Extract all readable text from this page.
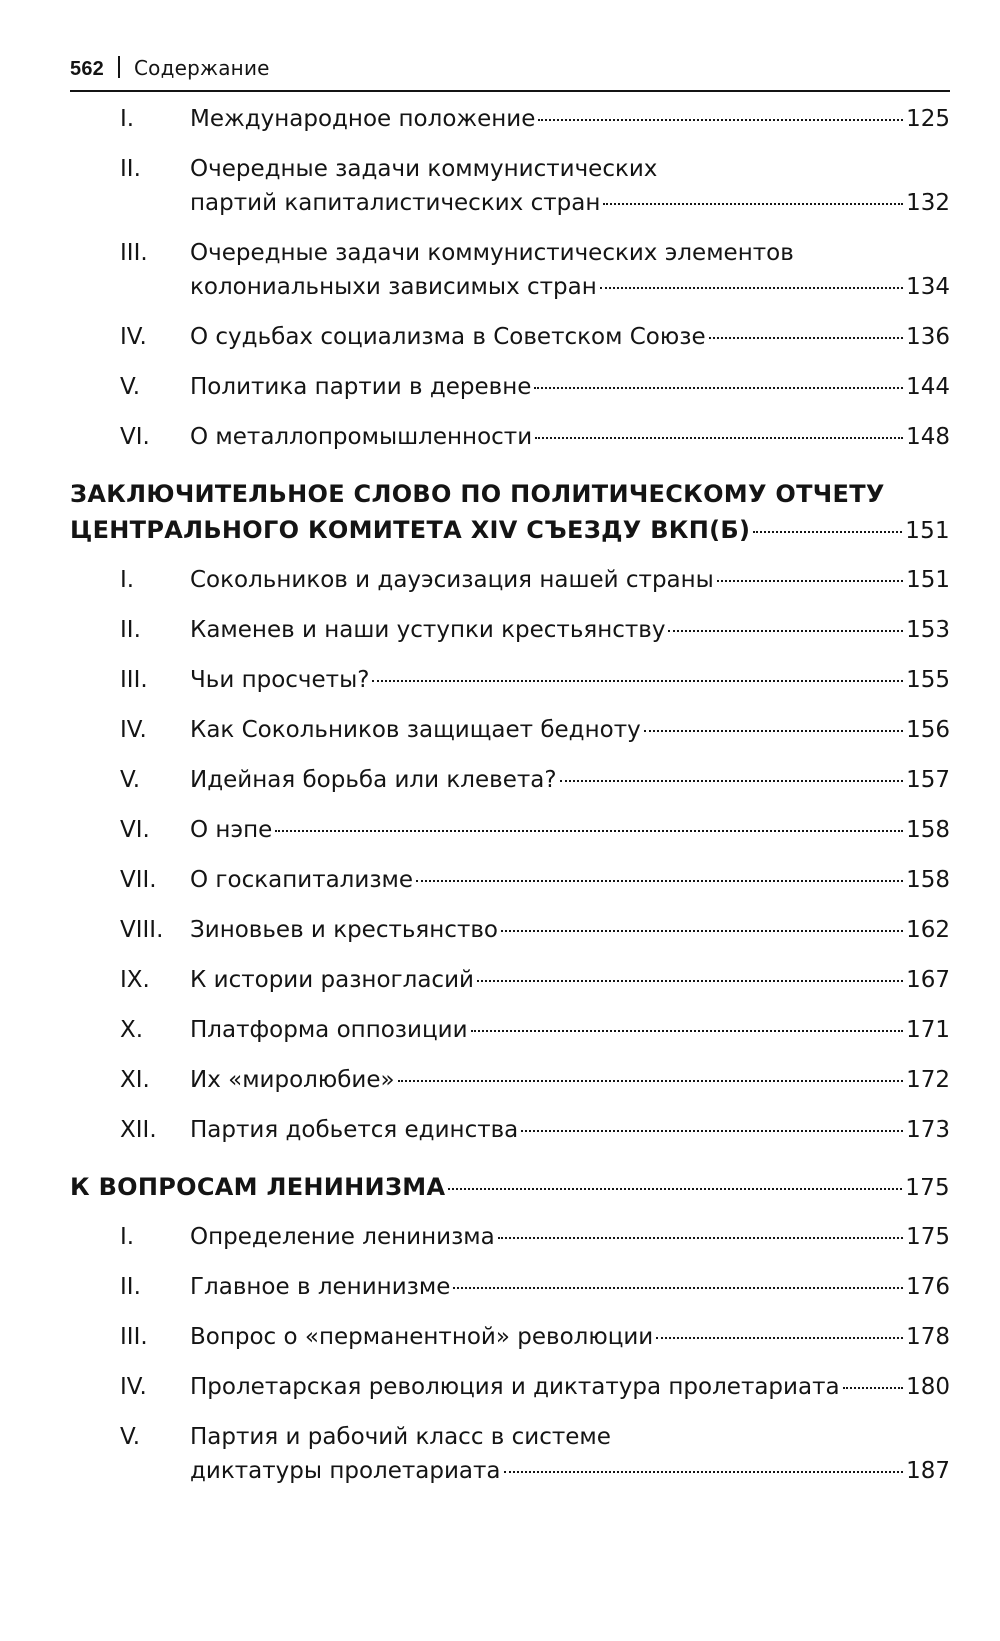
562 Содержание
I. Международное положение	125
II. Очередные задачи коммунистических
партий капиталистических стран	132
III. Очередные задачи коммунистических элементов
колониальныхи зависимых стран	134
IV. О судьбах социализма в Советском Союзе	136
V. Политика партии в деревне	144
VI. О металлопромышленности	148
ЗАКЛЮЧИТЕЛЬНОЕ СЛОВО ПО ПОЛИТИЧЕСКОМУ ОТЧЕТУ
ЦЕНТРАЛЬНОГО КОМИТЕТА XIV СЪЕЗДУ ВКП(Б)	151
I. Сокольников и дауэсизация нашей страны	151
II. Каменев и наши уступки крестьянству	153
III. Чьи просчеты?	155
IV. Как Сокольников защищает бедноту	156
V. Идейная борьба или клевета?	157
VI. О нэпе	158
VII. О госкапитализме	158
VIII. Зиновьев и крестьянство	162
IX. К истории разногласий	167
X. Платформа оппозиции	171
XI. Их «миролюбие»	172
XII. Партия добьется единства	173
К ВОПРОСАМ ЛЕНИНИЗМА	175
I. Определение ленинизма	175
II. Главное в ленинизме	176
III. Вопрос о «перманентной» революции	178
IV. Пролетарская революция и диктатура пролетариата	180
V. Партия и рабочий класс в системе
диктатуры пролетариата	187
